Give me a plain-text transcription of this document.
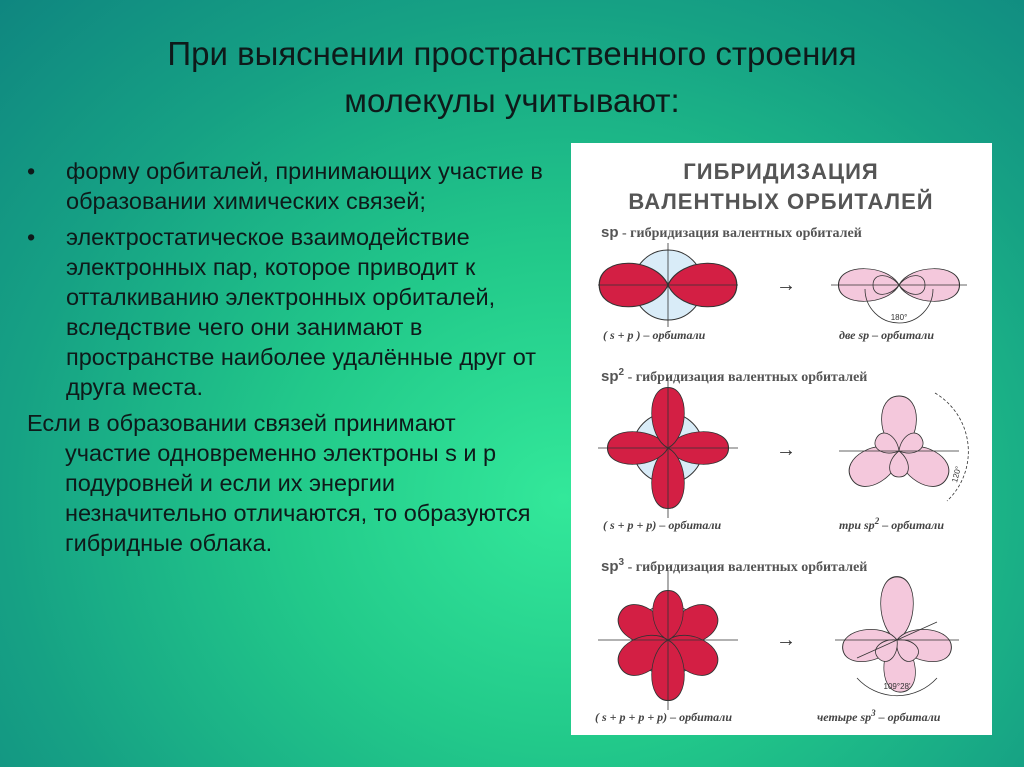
При выяснении пространственного строения
молекулы учитывают:
• форму орбиталей, принимающих участие в образовании химических связей;
• электростатическое взаимодействие электронных пар, которое приводит к отталкиванию электронных орбиталей, вследствие чего они занимают в пространстве наиболее удалённые друг от друга места.
Если в образовании связей принимают участие одновременно электроны s и p подуровней и если их энергии незначительно отличаются, то образуются гибридные облака.
ГИБРИДИЗАЦИЯ
ВАЛЕНТНЫХ ОРБИТАЛЕЙ
sp - гибридизация валентных орбиталей
→
180°
( s + p ) – орбитали	две sp – орбитали
$sp^2$ - гибридизация валентных орбиталей
→
120°
( s + p + p) – орбитали	три $sp^2$ – орбитали
$sp^3$ - гибридизация валентных орбиталей
→
109°28'
( s + p + p + p) – орбитали	четыре $sp^3$ – орбитали
